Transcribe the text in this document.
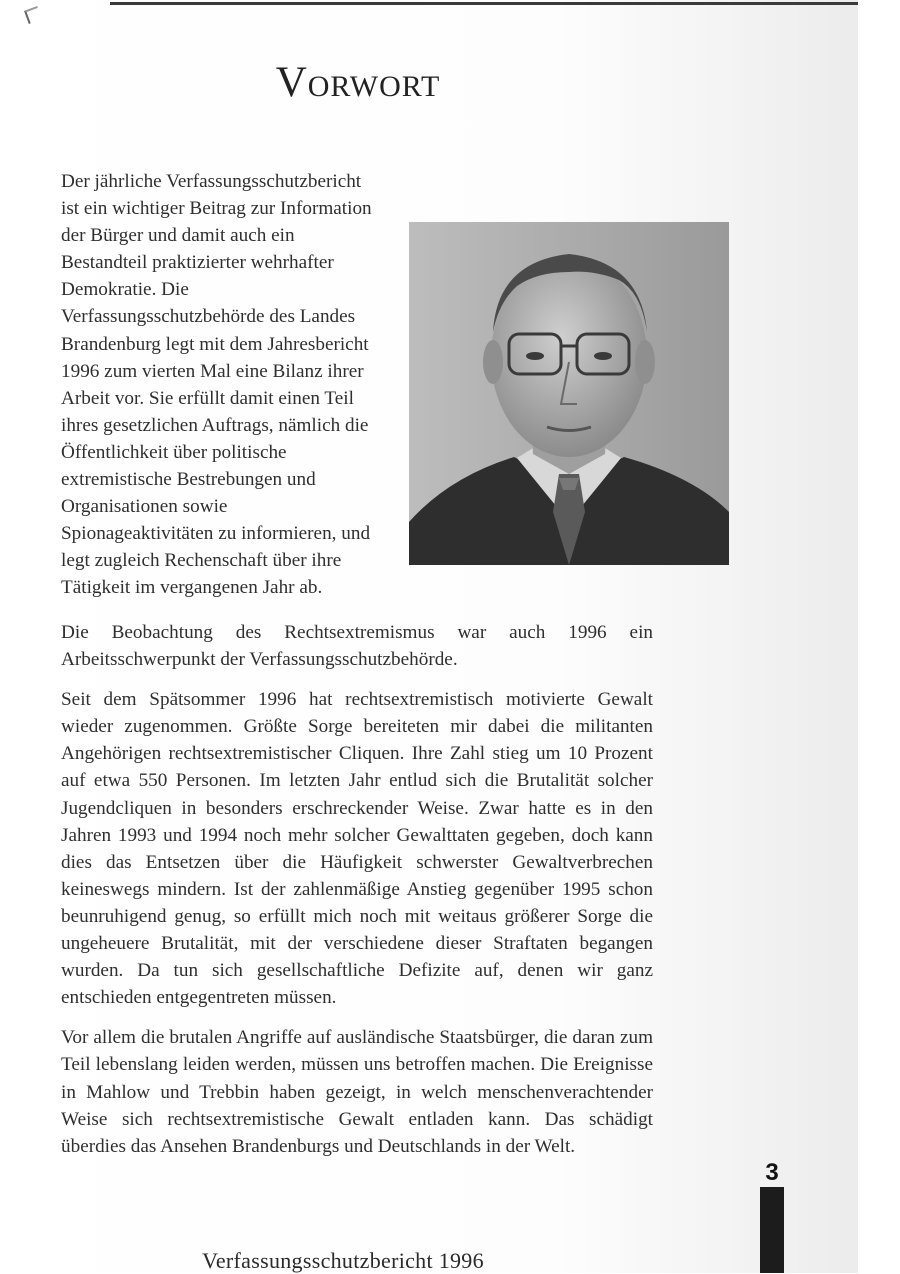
Vorwort

Der jährliche Verfassungsschutzbericht ist ein wichtiger Beitrag zur Information der Bürger und damit auch ein Bestandteil praktizierter wehrhafter Demokratie. Die Verfassungsschutzbehörde des Landes Brandenburg legt mit dem Jahresbericht 1996 zum vierten Mal eine Bilanz ihrer Arbeit vor. Sie erfüllt damit einen Teil ihres gesetzlichen Auftrags, nämlich die Öffentlichkeit über politische extremistische Bestrebungen und Organisationen sowie Spionageaktivitäten zu informieren, und legt zugleich Rechenschaft über ihre Tätigkeit im vergangenen Jahr ab.

Die Beobachtung des Rechtsextremismus war auch 1996 ein Arbeitsschwerpunkt der Verfassungsschutzbehörde.

Seit dem Spätsommer 1996 hat rechtsextremistisch motivierte Gewalt wieder zugenommen. Größte Sorge bereiteten mir dabei die militanten Angehörigen rechtsextremistischer Cliquen. Ihre Zahl stieg um 10 Prozent auf etwa 550 Personen. Im letzten Jahr entlud sich die Brutalität solcher Jugendcliquen in besonders erschreckender Weise. Zwar hatte es in den Jahren 1993 und 1994 noch mehr solcher Gewalttaten gegeben, doch kann dies das Entsetzen über die Häufigkeit schwerster Gewaltverbrechen keineswegs mindern. Ist der zahlenmäßige Anstieg gegenüber 1995 schon beunruhigend genug, so erfüllt mich noch mit weitaus größerer Sorge die ungeheuere Brutalität, mit der verschiedene dieser Straftaten begangen wurden. Da tun sich gesellschaftliche Defizite auf, denen wir ganz entschieden entgegentreten müssen.

Vor allem die brutalen Angriffe auf ausländische Staatsbürger, die daran zum Teil lebenslang leiden werden, müssen uns betroffen machen. Die Ereignisse in Mahlow und Trebbin haben gezeigt, in welch menschenverachtender Weise sich rechtsextremistische Gewalt entladen kann. Das schädigt überdies das Ansehen Brandenburgs und Deutschlands in der Welt.

3
Verfassungsschutzbericht 1996
